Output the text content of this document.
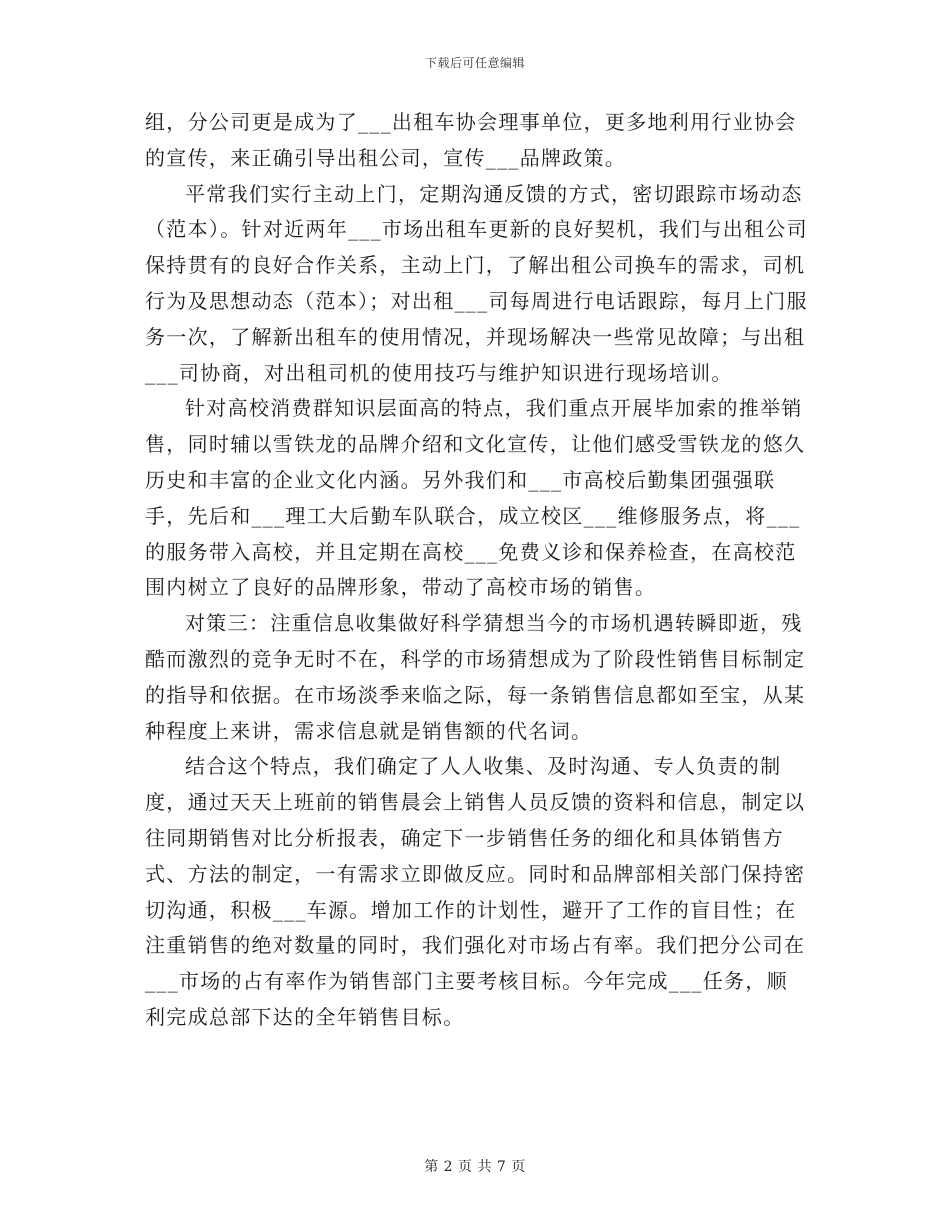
下载后可任意编辑

组，分公司更是成为了___出租车协会理事单位，更多地利用行业协会的宣传，来正确引导出租公司，宣传___品牌政策。

平常我们实行主动上门，定期沟通反馈的方式，密切跟踪市场动态（范本）。针对近两年___市场出租车更新的良好契机，我们与出租公司保持贯有的良好合作关系，主动上门，了解出租公司换车的需求，司机行为及思想动态（范本）；对出租___司每周进行电话跟踪，每月上门服务一次，了解新出租车的使用情况，并现场解决一些常见故障；与出租___司协商，对出租司机的使用技巧与维护知识进行现场培训。

针对高校消费群知识层面高的特点，我们重点开展毕加索的推举销售，同时辅以雪铁龙的品牌介绍和文化宣传，让他们感受雪铁龙的悠久历史和丰富的企业文化内涵。另外我们和___市高校后勤集团强强联手，先后和___理工大后勤车队联合，成立校区___维修服务点，将___的服务带入高校，并且定期在高校___免费义诊和保养检查，在高校范围内树立了良好的品牌形象，带动了高校市场的销售。

对策三：注重信息收集做好科学猜想当今的市场机遇转瞬即逝，残酷而激烈的竞争无时不在，科学的市场猜想成为了阶段性销售目标制定的指导和依据。在市场淡季来临之际，每一条销售信息都如至宝，从某种程度上来讲，需求信息就是销售额的代名词。

结合这个特点，我们确定了人人收集、及时沟通、专人负责的制度，通过天天上班前的销售晨会上销售人员反馈的资料和信息，制定以往同期销售对比分析报表，确定下一步销售任务的细化和具体销售方式、方法的制定，一有需求立即做反应。同时和品牌部相关部门保持密切沟通，积极___车源。增加工作的计划性，避开了工作的盲目性；在注重销售的绝对数量的同时，我们强化对市场占有率。我们把分公司在___市场的占有率作为销售部门主要考核目标。今年完成___任务，顺利完成总部下达的全年销售目标。

第 2 页 共 7 页
